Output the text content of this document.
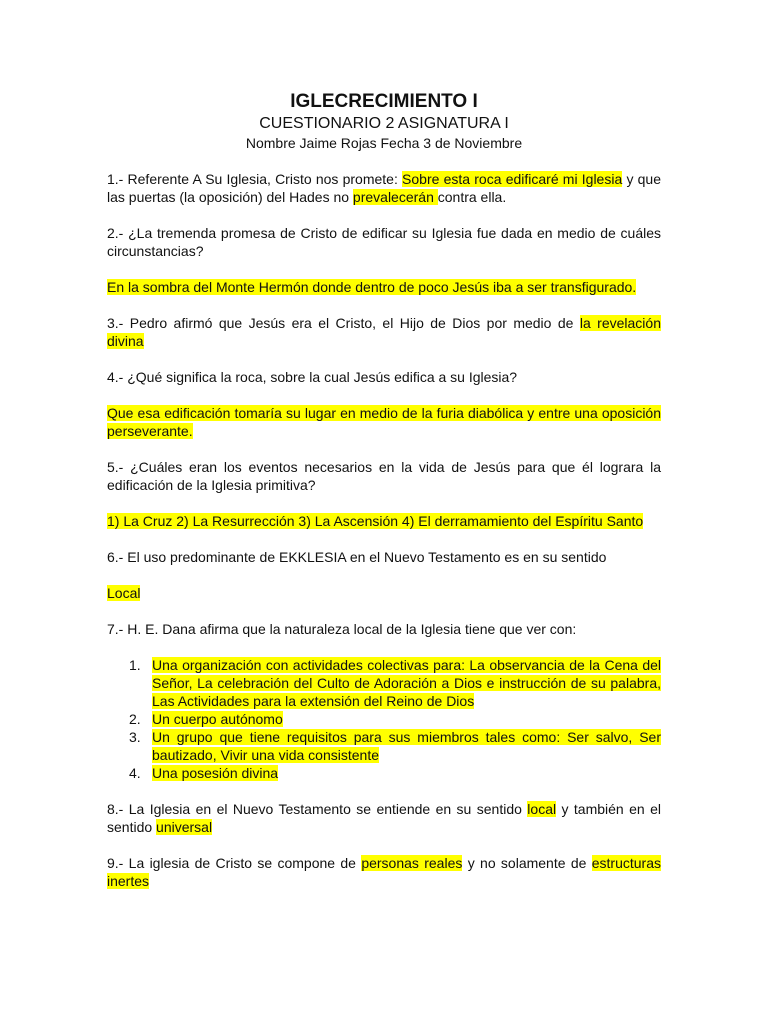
IGLECRECIMIENTO I

CUESTIONARIO 2 ASIGNATURA I

Nombre Jaime Rojas Fecha 3 de Noviembre

1.- Referente A Su Iglesia, Cristo nos promete: Sobre esta roca edificaré mi Iglesia y que las puertas (la oposición) del Hades no prevalecerán contra ella.

2.- ¿La tremenda promesa de Cristo de edificar su Iglesia fue dada en medio de cuáles circunstancias?

En la sombra del Monte Hermón donde dentro de poco Jesús iba a ser transfigurado.

3.- Pedro afirmó que Jesús era el Cristo, el Hijo de Dios por medio de la revelación divina

4.- ¿Qué significa la roca, sobre la cual Jesús edifica a su Iglesia?

Que esa edificación tomaría su lugar en medio de la furia diabólica y entre una oposición perseverante.

5.- ¿Cuáles eran los eventos necesarios en la vida de Jesús para que él lograra la edificación de la Iglesia primitiva?

1) La Cruz 2) La Resurrección 3) La Ascensión 4) El derramamiento del Espíritu Santo

6.- El uso predominante de EKKLESIA en el Nuevo Testamento es en su sentido

Local

7.- H. E. Dana afirma que la naturaleza local de la Iglesia tiene que ver con:

1. Una organización con actividades colectivas para: La observancia de la Cena del Señor, La celebración del Culto de Adoración a Dios e instrucción de su palabra, Las Actividades para la extensión del Reino de Dios
2. Un cuerpo autónomo
3. Un grupo que tiene requisitos para sus miembros tales como: Ser salvo, Ser bautizado, Vivir una vida consistente
4. Una posesión divina

8.- La Iglesia en el Nuevo Testamento se entiende en su sentido local y también en el sentido universal

9.- La iglesia de Cristo se compone de personas reales y no solamente de estructuras inertes
